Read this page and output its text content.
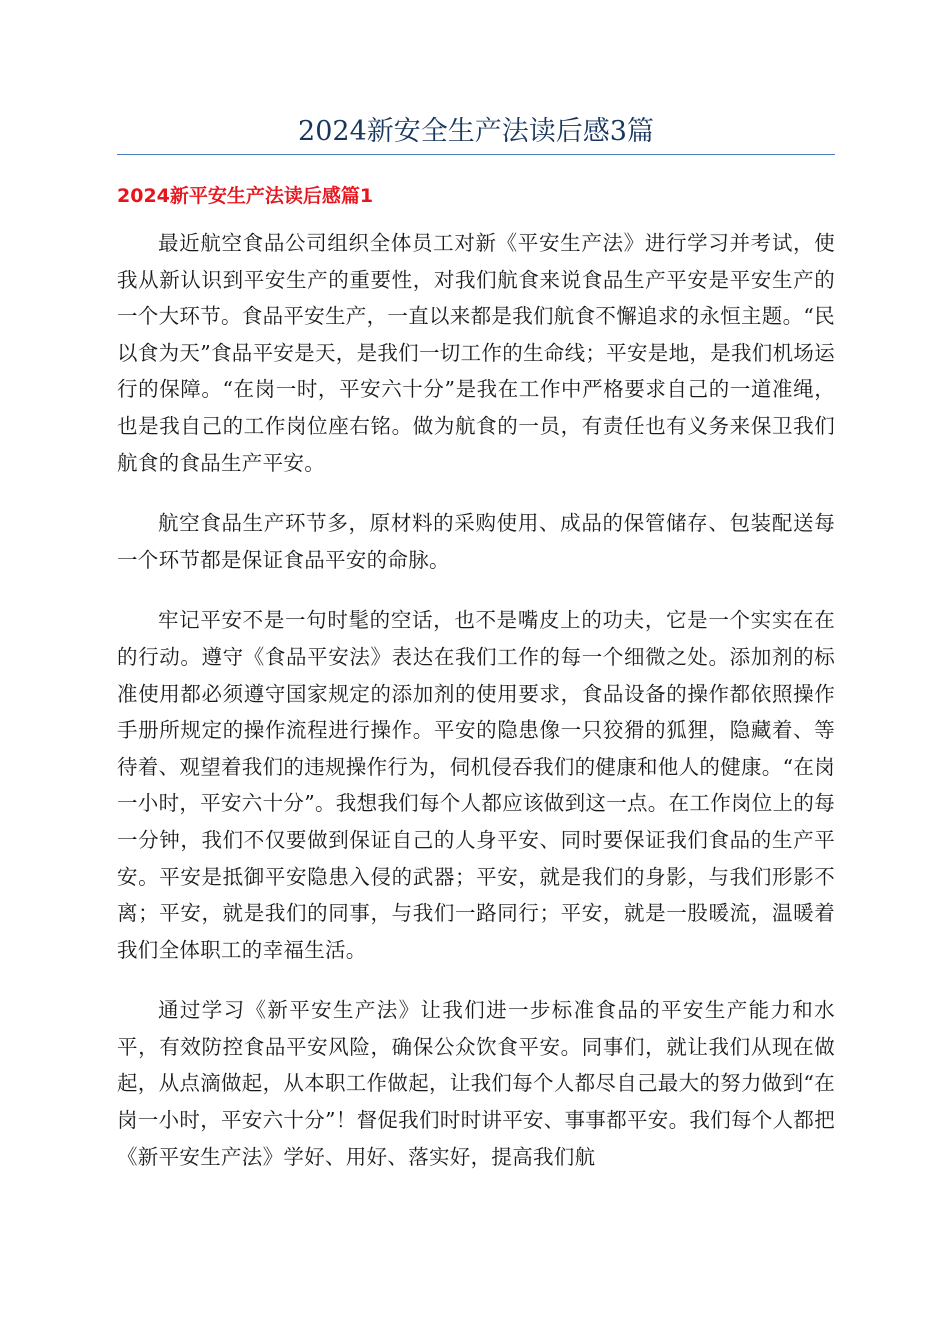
2024新安全生产法读后感3篇
2024新平安生产法读后感篇1

最近航空食品公司组织全体员工对新《平安生产法》进行学习并考试，使我从新认识到平安生产的重要性，对我们航食来说食品生产平安是平安生产的一个大环节。食品平安生产，一直以来都是我们航食不懈追求的永恒主题。“民以食为天”食品平安是天，是我们一切工作的生命线；平安是地，是我们机场运行的保障。“在岗一时，平安六十分”是我在工作中严格要求自己的一道准绳，也是我自己的工作岗位座右铭。做为航食的一员，有责任也有义务来保卫我们航食的食品生产平安。

航空食品生产环节多，原材料的采购使用、成品的保管储存、包装配送每一个环节都是保证食品平安的命脉。

牢记平安不是一句时髦的空话，也不是嘴皮上的功夫，它是一个实实在在的行动。遵守《食品平安法》表达在我们工作的每一个细微之处。添加剂的标准使用都必须遵守国家规定的添加剂的使用要求，食品设备的操作都依照操作手册所规定的操作流程进行操作。平安的隐患像一只狡猾的狐狸，隐藏着、等待着、观望着我们的违规操作行为，伺机侵吞我们的健康和他人的健康。“在岗一小时，平安六十分”。我想我们每个人都应该做到这一点。在工作岗位上的每一分钟，我们不仅要做到保证自己的人身平安、同时要保证我们食品的生产平安。平安是抵御平安隐患入侵的武器；平安，就是我们的身影，与我们形影不离；平安，就是我们的同事，与我们一路同行；平安，就是一股暖流，温暖着我们全体职工的幸福生活。

通过学习《新平安生产法》让我们进一步标准食品的平安生产能力和水平，有效防控食品平安风险，确保公众饮食平安。同事们，就让我们从现在做起，从点滴做起，从本职工作做起，让我们每个人都尽自己最大的努力做到“在岗一小时，平安六十分”！督促我们时时讲平安、事事都平安。我们每个人都把《新平安生产法》学好、用好、落实好，提高我们航
